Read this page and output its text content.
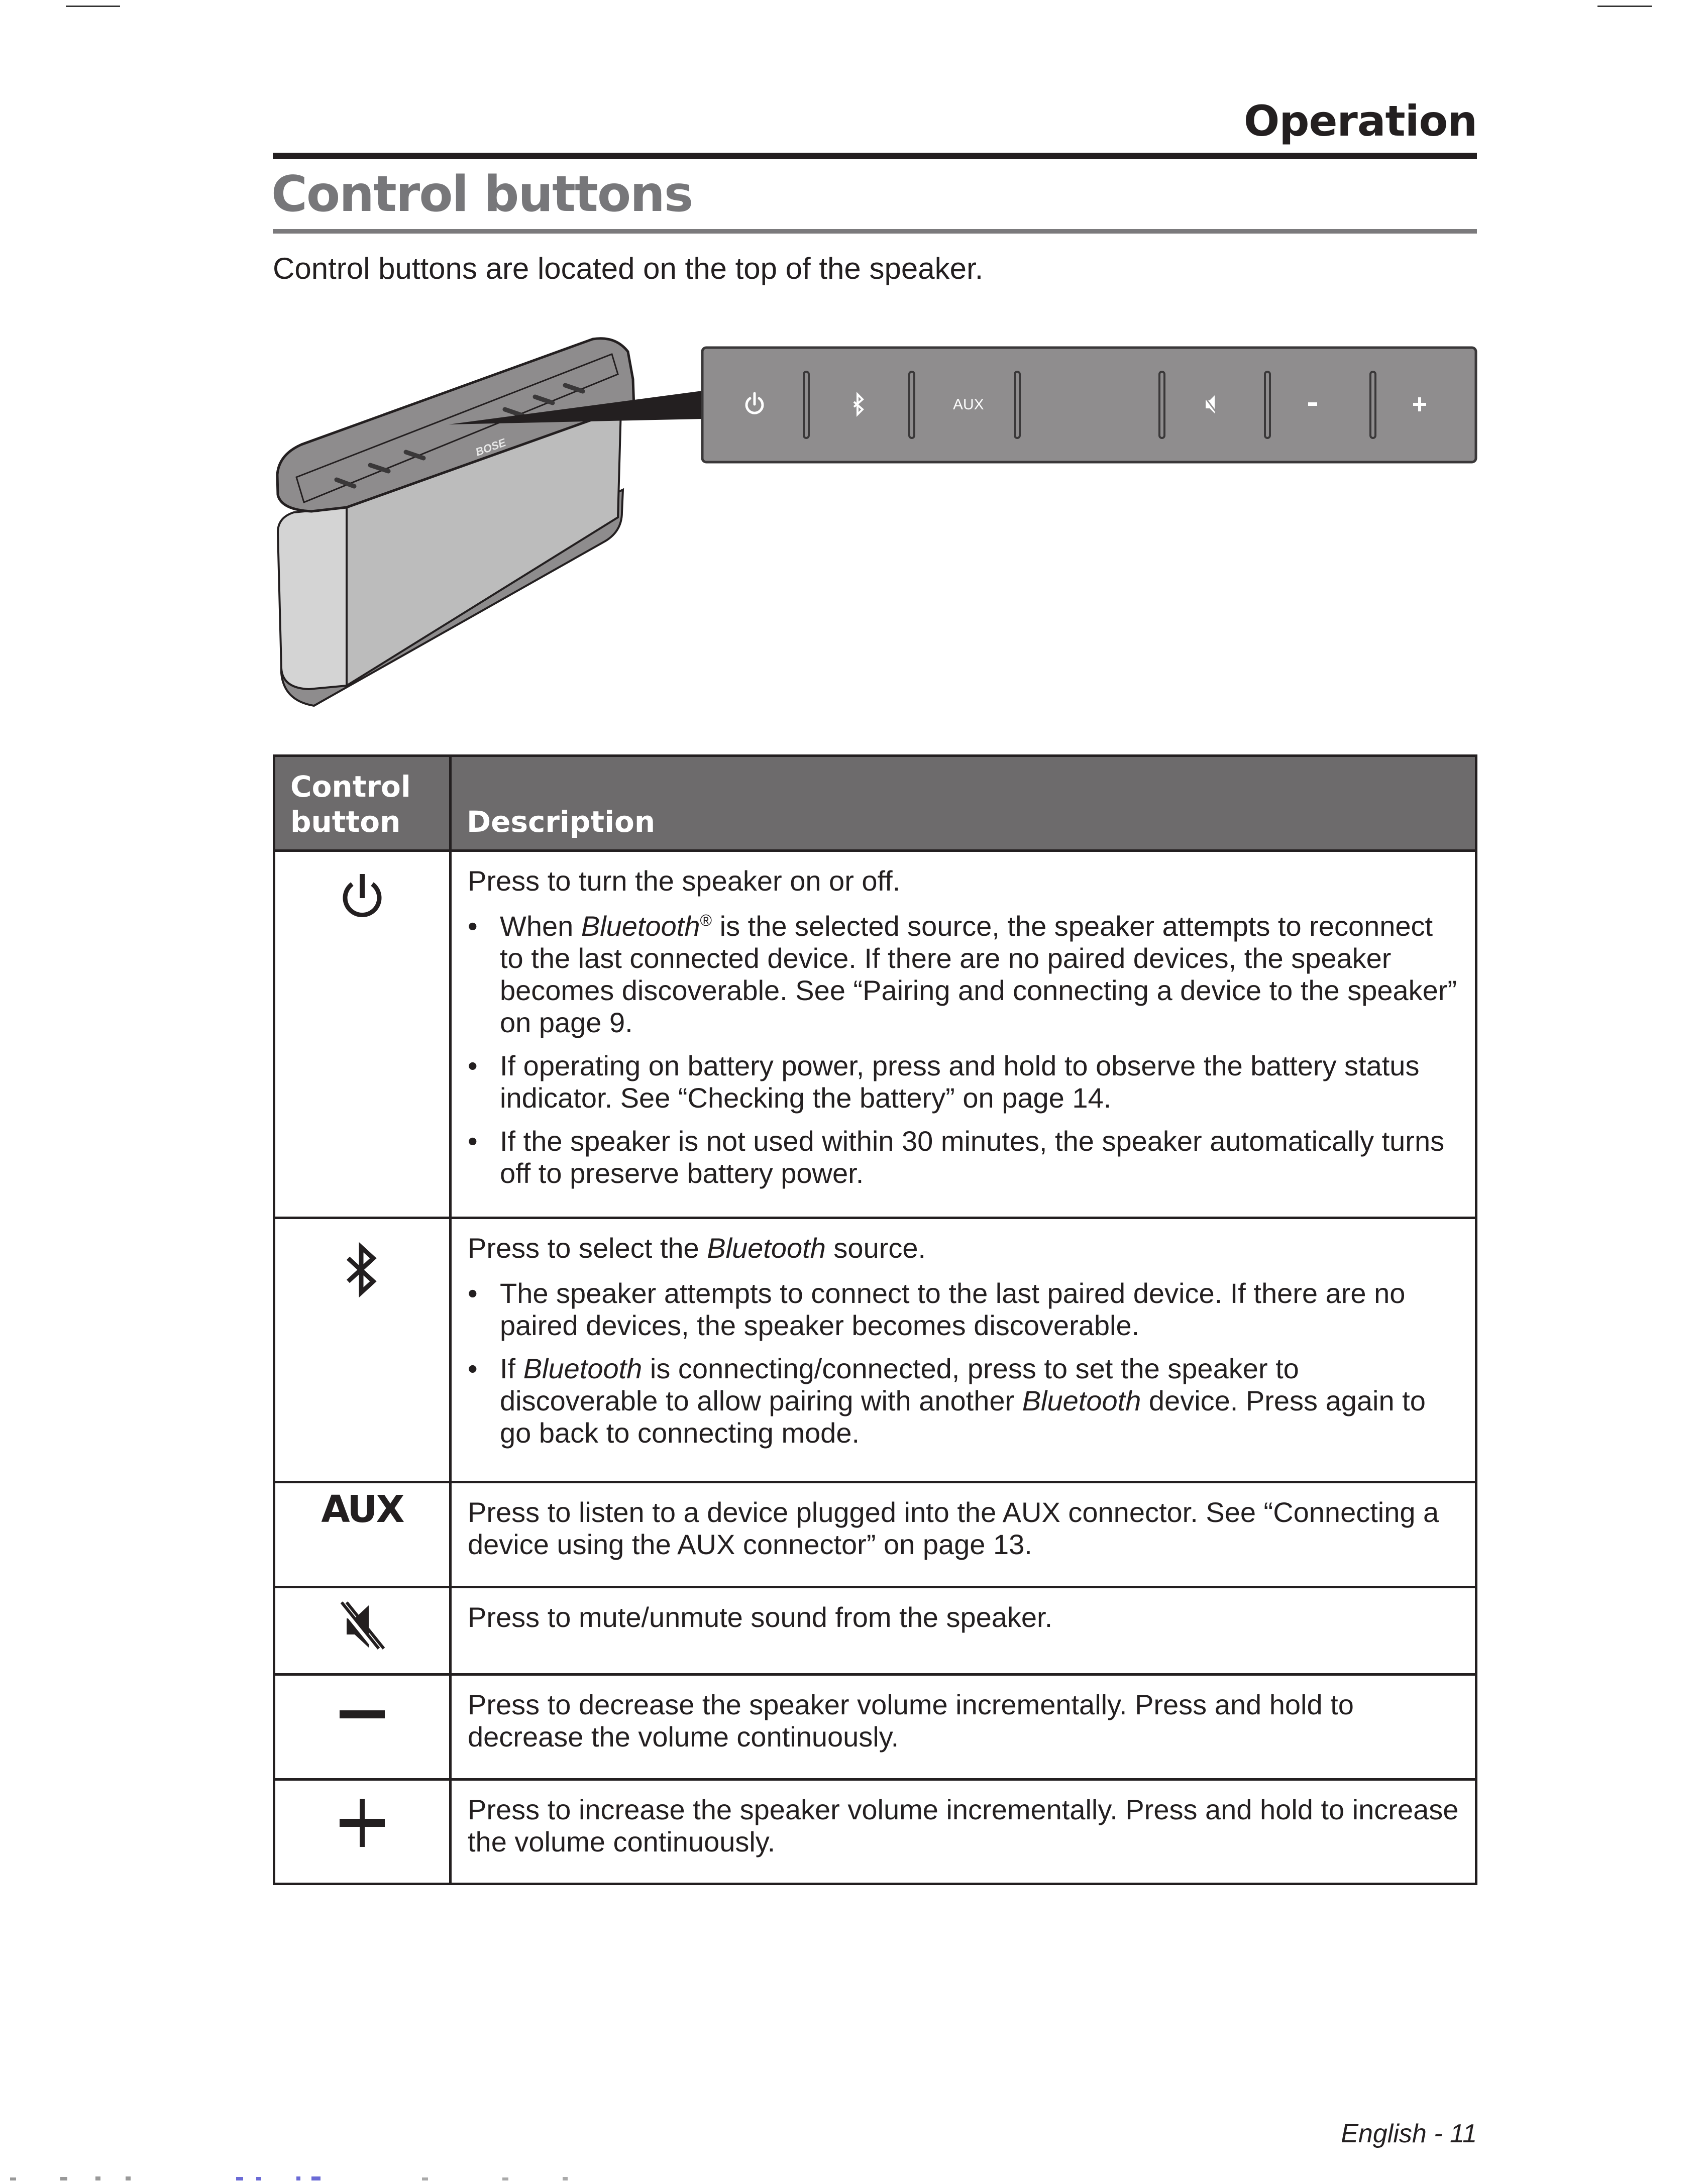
Operation
Control buttons
Control buttons are located on the top of the speaker.
BOSE
AUX
Control button	Description

Press to turn the speaker on or off.

• When Bluetooth® is the selected source, the speaker attempts to reconnect to the last connected device. If there are no paired devices, the speaker becomes discoverable. See “Pairing and connecting a device to the speaker” on page 9.
• If operating on battery power, press and hold to observe the battery status indicator. See “Checking the battery” on page 14.
• If the speaker is not used within 30 minutes, the speaker automatically turns off to preserve battery power.

Press to select the Bluetooth source.

• The speaker attempts to connect to the last paired device. If there are no paired devices, the speaker becomes discoverable.
• If Bluetooth is connecting/connected, press to set the speaker to discoverable to allow pairing with another Bluetooth device. Press again to go back to connecting mode.

AUX	Press to listen to a device plugged into the AUX connector. See “Connecting a device using the AUX connector” on page 13.

Press to mute/unmute sound from the speaker.

Press to decrease the speaker volume incrementally. Press and hold to decrease the volume continuously.

Press to increase the speaker volume incrementally. Press and hold to increase the volume continuously.

English - 11
